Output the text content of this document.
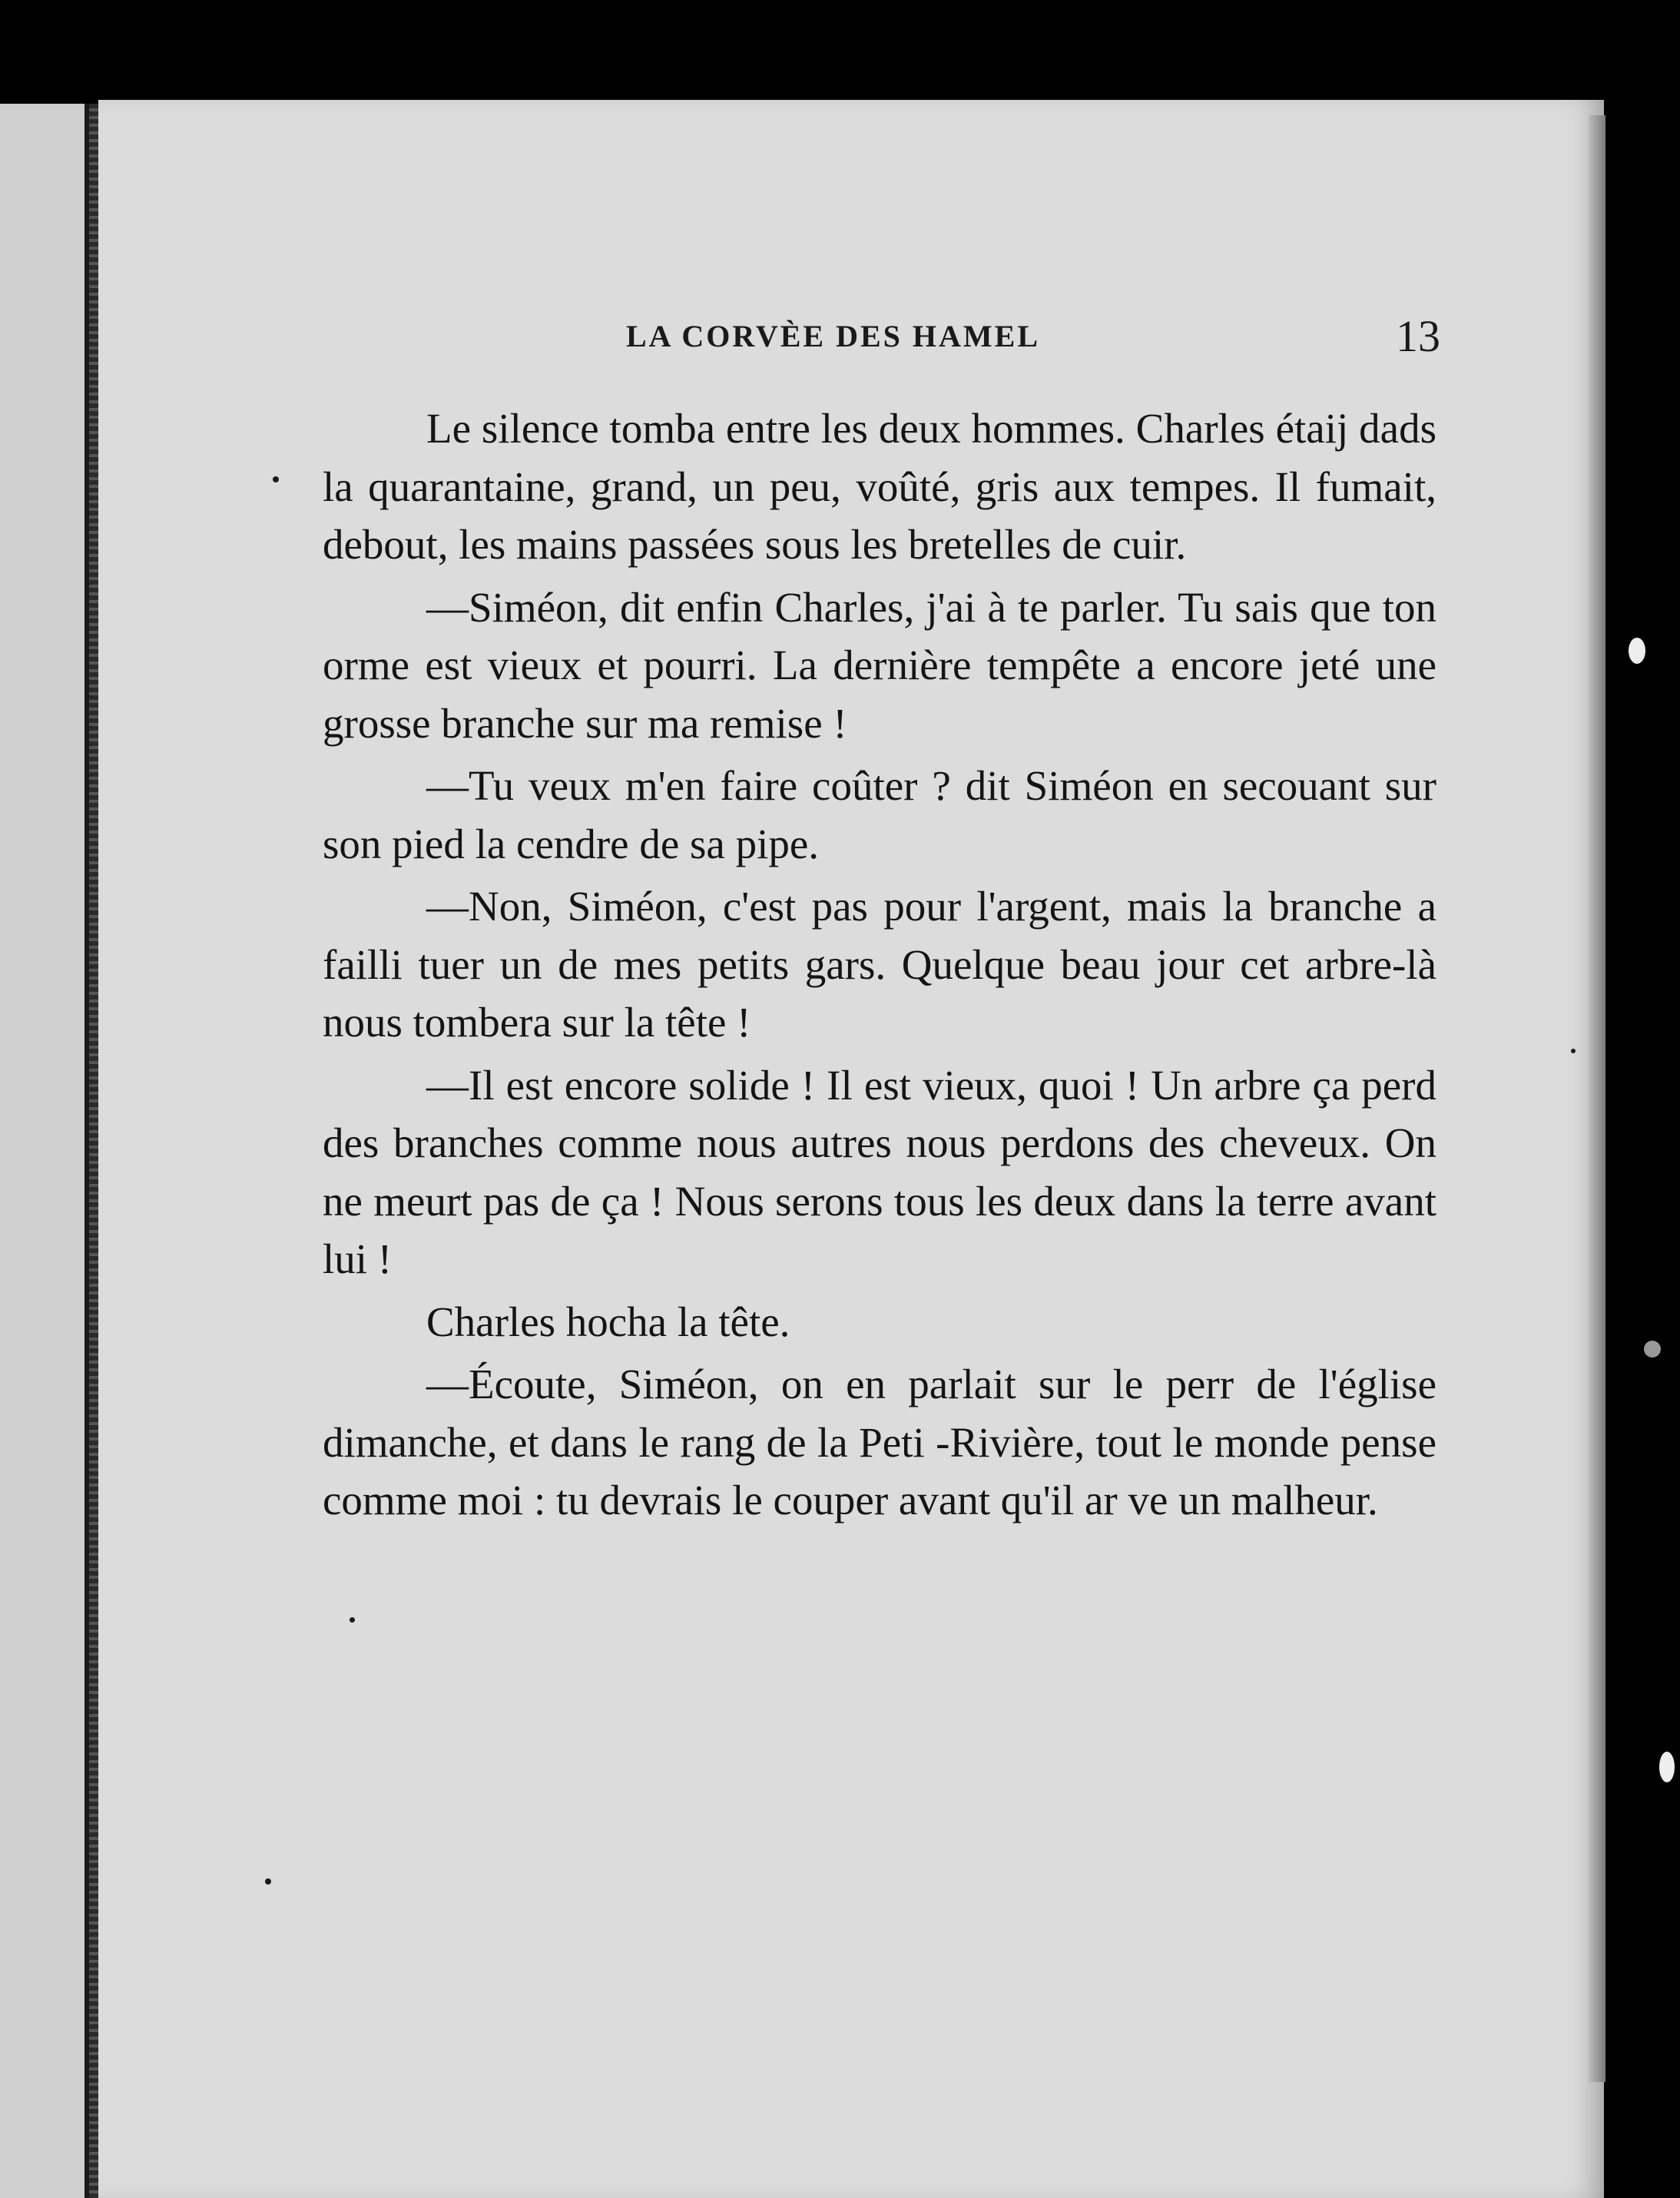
LA CORVÈE DES HAMEL	13

Le silence tomba entre les deux hommes. Charles étaij dads la quarantaine, grand, un peu, voûté, gris aux tempes. Il fumait, debout, les mains passées sous les bretelles de cuir.

—Siméon, dit enfin Charles, j'ai à te parler. Tu sais que ton orme est vieux et pourri. La dernière tempête a encore jeté une grosse branche sur ma remise !

—Tu veux m'en faire coûter ? dit Siméon en secouant sur son pied la cendre de sa pipe.

—Non, Siméon, c'est pas pour l'argent, mais la branche a failli tuer un de mes petits gars. Quelque beau jour cet arbre-là nous tombera sur la tête !

—Il est encore solide ! Il est vieux, quoi ! Un arbre ça perd des branches comme nous autres nous perdons des cheveux. On ne meurt pas de ça ! Nous serons tous les deux dans la terre avant lui !

Charles hocha la tête.

—Écoute, Siméon, on en parlait sur le perr de l'église dimanche, et dans le rang de la Peti -Rivière, tout le monde pense comme moi : tu devrais le couper avant qu'il ar ve un malheur.
